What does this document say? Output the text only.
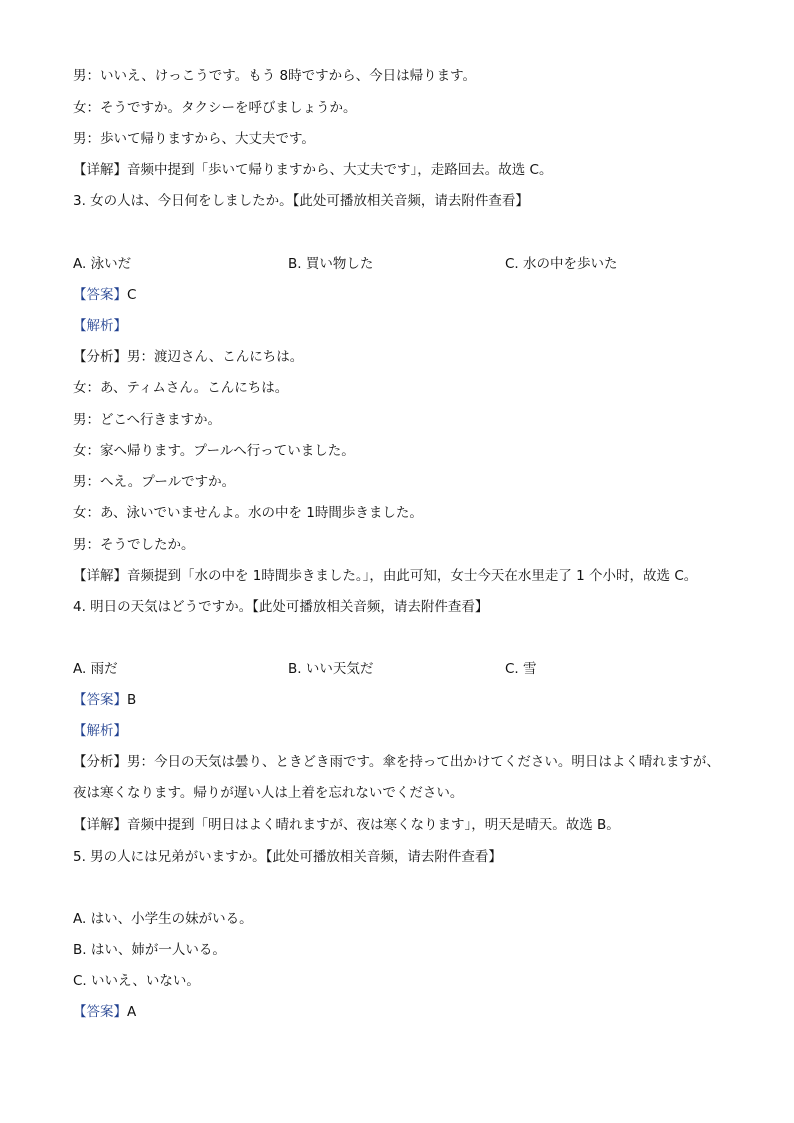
男：いいえ、けっこうです。もう 8時ですから、今日は帰ります。
女：そうですか。タクシーを呼びましょうか。
男：歩いて帰りますから、大丈夫です。
【详解】音频中提到「歩いて帰りますから、大丈夫です」，走路回去。故选 C。
3. 女の人は、今日何をしましたか。【此处可播放相关音频，请去附件查看】
A. 泳いだ	B. 買い物した	C. 水の中を歩いた
【答案】C
【解析】
【分析】男：渡辺さん、こんにちは。
女：あ、ティムさん。こんにちは。
男：どこへ行きますか。
女：家へ帰ります。プールへ行っていました。
男：へえ。プールですか。
女：あ、泳いでいませんよ。水の中を 1時間歩きました。
男：そうでしたか。
【详解】音频提到「水の中を 1時間歩きました。」，由此可知，女士今天在水里走了 1 个小时，故选 C。
4. 明日の天気はどうですか。【此处可播放相关音频，请去附件查看】
A. 雨だ	B. いい天気だ	C. 雪
【答案】B
【解析】
【分析】男：今日の天気は曇り、ときどき雨です。傘を持って出かけてください。明日はよく晴れますが、夜は寒くなります。帰りが遅い人は上着を忘れないでください。
【详解】音频中提到「明日はよく晴れますが、夜は寒くなります」，明天是晴天。故选 B。
5. 男の人には兄弟がいますか。【此处可播放相关音频，请去附件查看】
A. はい、小学生の妹がいる。
B. はい、姉が一人いる。
C. いいえ、いない。
【答案】A
